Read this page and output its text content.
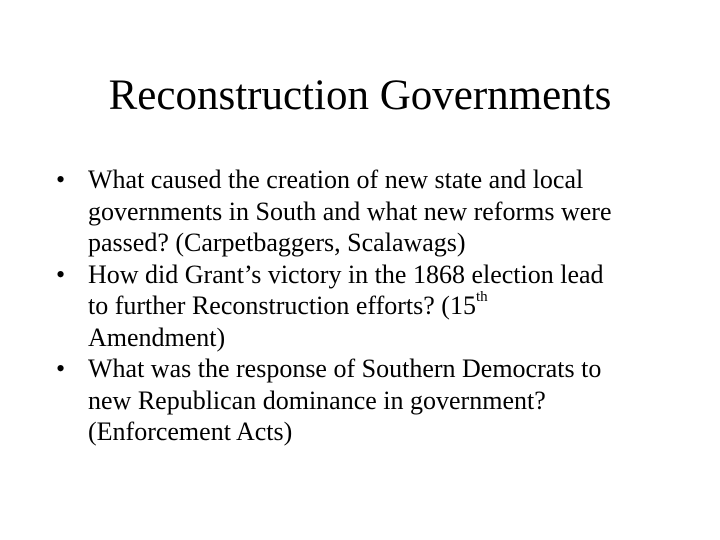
Reconstruction Governments
• What caused the creation of new state and local
governments in South and what new reforms were
passed? (Carpetbaggers, Scalawags)
• How did Grant’s victory in the 1868 election lead
to further Reconstruction efforts? (15th
Amendment)
• What was the response of Southern Democrats to
new Republican dominance in government?
(Enforcement Acts)
